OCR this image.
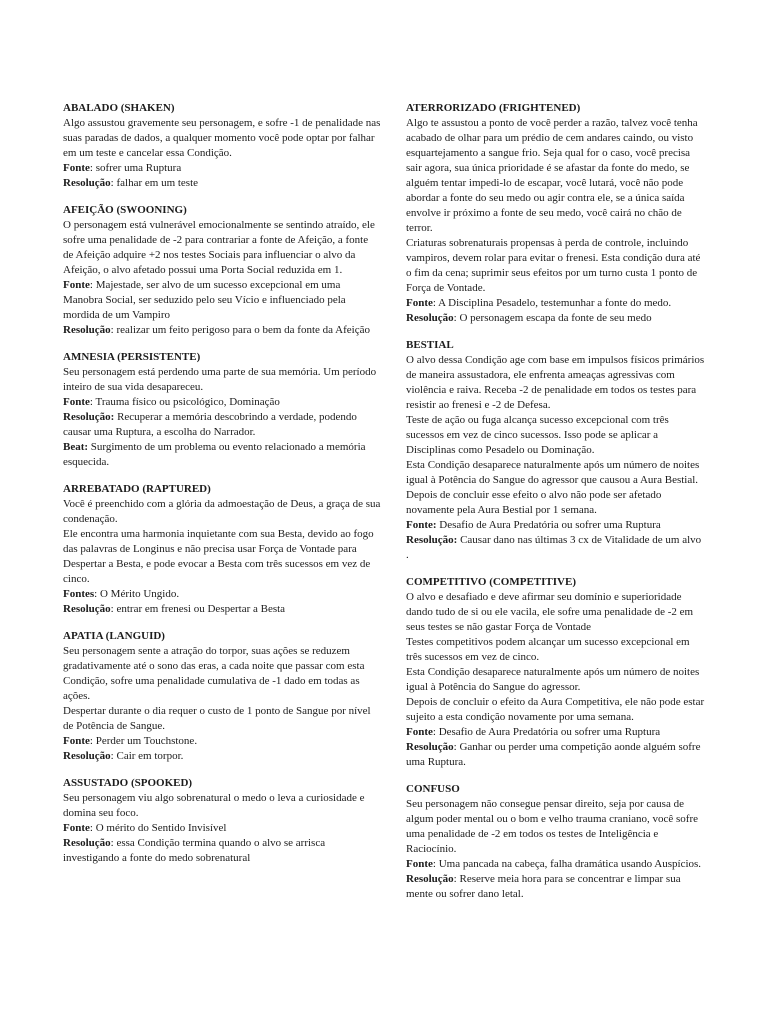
ABALADO (SHAKEN)
Algo assustou gravemente seu personagem, e sofre -1 de penalidade nas suas paradas de dados, a qualquer momento você pode optar por falhar em um teste e cancelar essa Condição.
Fonte: sofrer uma Ruptura
Resolução: falhar em um teste
AFEIÇÃO (SWOONING)
O personagem está vulnerável emocionalmente se sentindo atraído, ele sofre uma penalidade de -2 para contrariar a fonte de Afeição, a fonte de Afeição adquire +2 nos testes Sociais para influenciar o alvo da Afeição, o alvo afetado possui uma Porta Social reduzida em 1.
Fonte: Majestade, ser alvo de um sucesso excepcional em uma Manobra Social, ser seduzido pelo seu Vício e influenciado pela mordida de um Vampiro
Resolução: realizar um feito perigoso para o bem da fonte da Afeição
AMNESIA (PERSISTENTE)
Seu personagem está perdendo uma parte de sua memória. Um período inteiro de sua vida desapareceu.
Fonte: Trauma físico ou psicológico, Dominação
Resolução: Recuperar a memória descobrindo a verdade, podendo causar uma Ruptura, a escolha do Narrador.
Beat: Surgimento de um problema ou evento relacionado a memória esquecida.
ARREBATADO (RAPTURED)
Você é preenchido com a glória da admoestação de Deus, a graça de sua condenação.
Ele encontra uma harmonia inquietante com sua Besta, devido ao fogo das palavras de Longinus e não precisa usar Força de Vontade para Despertar a Besta, e pode evocar a Besta com três sucessos em vez de cinco.
Fontes: O Mérito Ungido.
Resolução: entrar em frenesi ou Despertar a Besta
APATIA (LANGUID)
Seu personagem sente a atração do torpor, suas ações se reduzem gradativamente até o sono das eras, a cada noite que passar com esta Condição, sofre uma penalidade cumulativa de -1 dado em todas as ações.
Despertar durante o dia requer o custo de 1 ponto de Sangue por nível de Potência de Sangue.
Fonte: Perder um Touchstone.
Resolução: Cair em torpor.
ASSUSTADO (SPOOKED)
Seu personagem viu algo sobrenatural o medo o leva a curiosidade e domina seu foco.
Fonte: O mérito do Sentido Invisível
Resolução: essa Condição termina quando o alvo se arrisca investigando a fonte do medo sobrenatural
ATERRORIZADO (FRIGHTENED)
Algo te assustou a ponto de você perder a razão, talvez você tenha acabado de olhar para um prédio de cem andares caindo, ou visto esquartejamento a sangue frio. Seja qual for o caso, você precisa sair agora, sua única prioridade é se afastar da fonte do medo, se alguém tentar impedi-lo de escapar, você lutará, você não pode abordar a fonte do seu medo ou agir contra ele, se a única saída envolve ir próximo a fonte de seu medo, você cairá no chão de terror.
Criaturas sobrenaturais propensas à perda de controle, incluindo vampiros, devem rolar para evitar o frenesi. Esta condição dura até o fim da cena; suprimir seus efeitos por um turno custa 1 ponto de Força de Vontade.
Fonte: A Disciplina Pesadelo, testemunhar a fonte do medo.
Resolução: O personagem escapa da fonte de seu medo
BESTIAL
O alvo dessa Condição age com base em impulsos físicos primários de maneira assustadora, ele enfrenta ameaças agressivas com violência e raiva. Receba -2 de penalidade em todos os testes para resistir ao frenesi e -2 de Defesa.
Teste de ação ou fuga alcança sucesso excepcional com três sucessos em vez de cinco sucessos. Isso pode se aplicar a Disciplinas como Pesadelo ou Dominação.
Esta Condição desaparece naturalmente após um número de noites igual à Potência do Sangue do agressor que causou a Aura Bestial.
Depois de concluir esse efeito o alvo não pode ser afetado novamente pela Aura Bestial por 1 semana.
Fonte: Desafio de Aura Predatória ou sofrer uma Ruptura
Resolução: Causar dano nas últimas 3 cx de Vitalidade de um alvo .
COMPETITIVO (COMPETITIVE)
O alvo e desafiado e deve afirmar seu domínio e superioridade dando tudo de si ou ele vacila, ele sofre uma penalidade de -2 em seus testes se não gastar Força de Vontade
Testes competitivos podem alcançar um sucesso excepcional em três sucessos em vez de cinco.
Esta Condição desaparece naturalmente após um número de noites igual à Potência do Sangue do agressor.
Depois de concluir o efeito da Aura Competitiva, ele não pode estar sujeito a esta condição novamente por uma semana.
Fonte: Desafio de Aura Predatória ou sofrer uma Ruptura
Resolução: Ganhar ou perder uma competição aonde alguém sofre uma Ruptura.
CONFUSO
Seu personagem não consegue pensar direito, seja por causa de algum poder mental ou o bom e velho trauma craniano, você sofre uma penalidade de -2 em todos os testes de Inteligência e Raciocínio.
Fonte: Uma pancada na cabeça, falha dramática usando Auspícios.
Resolução: Reserve meia hora para se concentrar e limpar sua mente ou sofrer dano letal.
